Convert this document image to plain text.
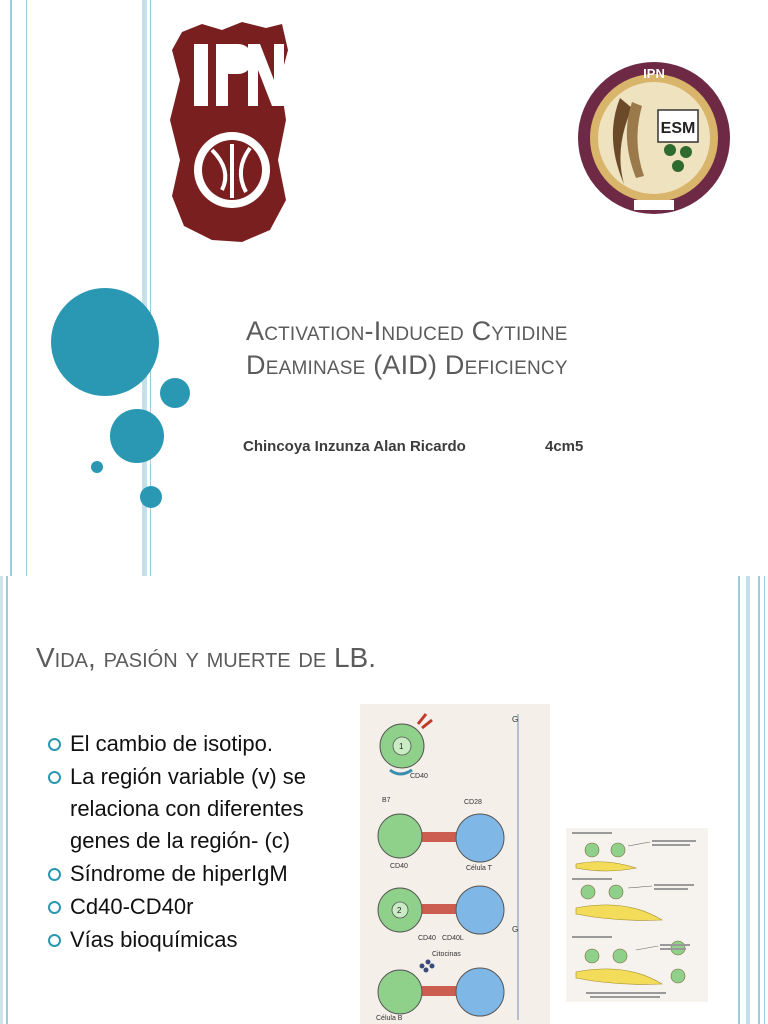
IPN
ESM
IPN
Activation-Induced Cytidine
Deaminase (AID) Deficiency
Chincoya Inzunza Alan Ricardo	4cm5
Vida, pasión y muerte de LB.
El cambio de isotipo.
La región variable (v) se relaciona con diferentes genes de la región- (c)
Síndrome de hiperIgM
Cd40-CD40r
Vías bioquímicas
G
G
1
CD40
B7	CD28
CD40	Célula T
2
CD40 CD40L
Citocinas
Célula B
